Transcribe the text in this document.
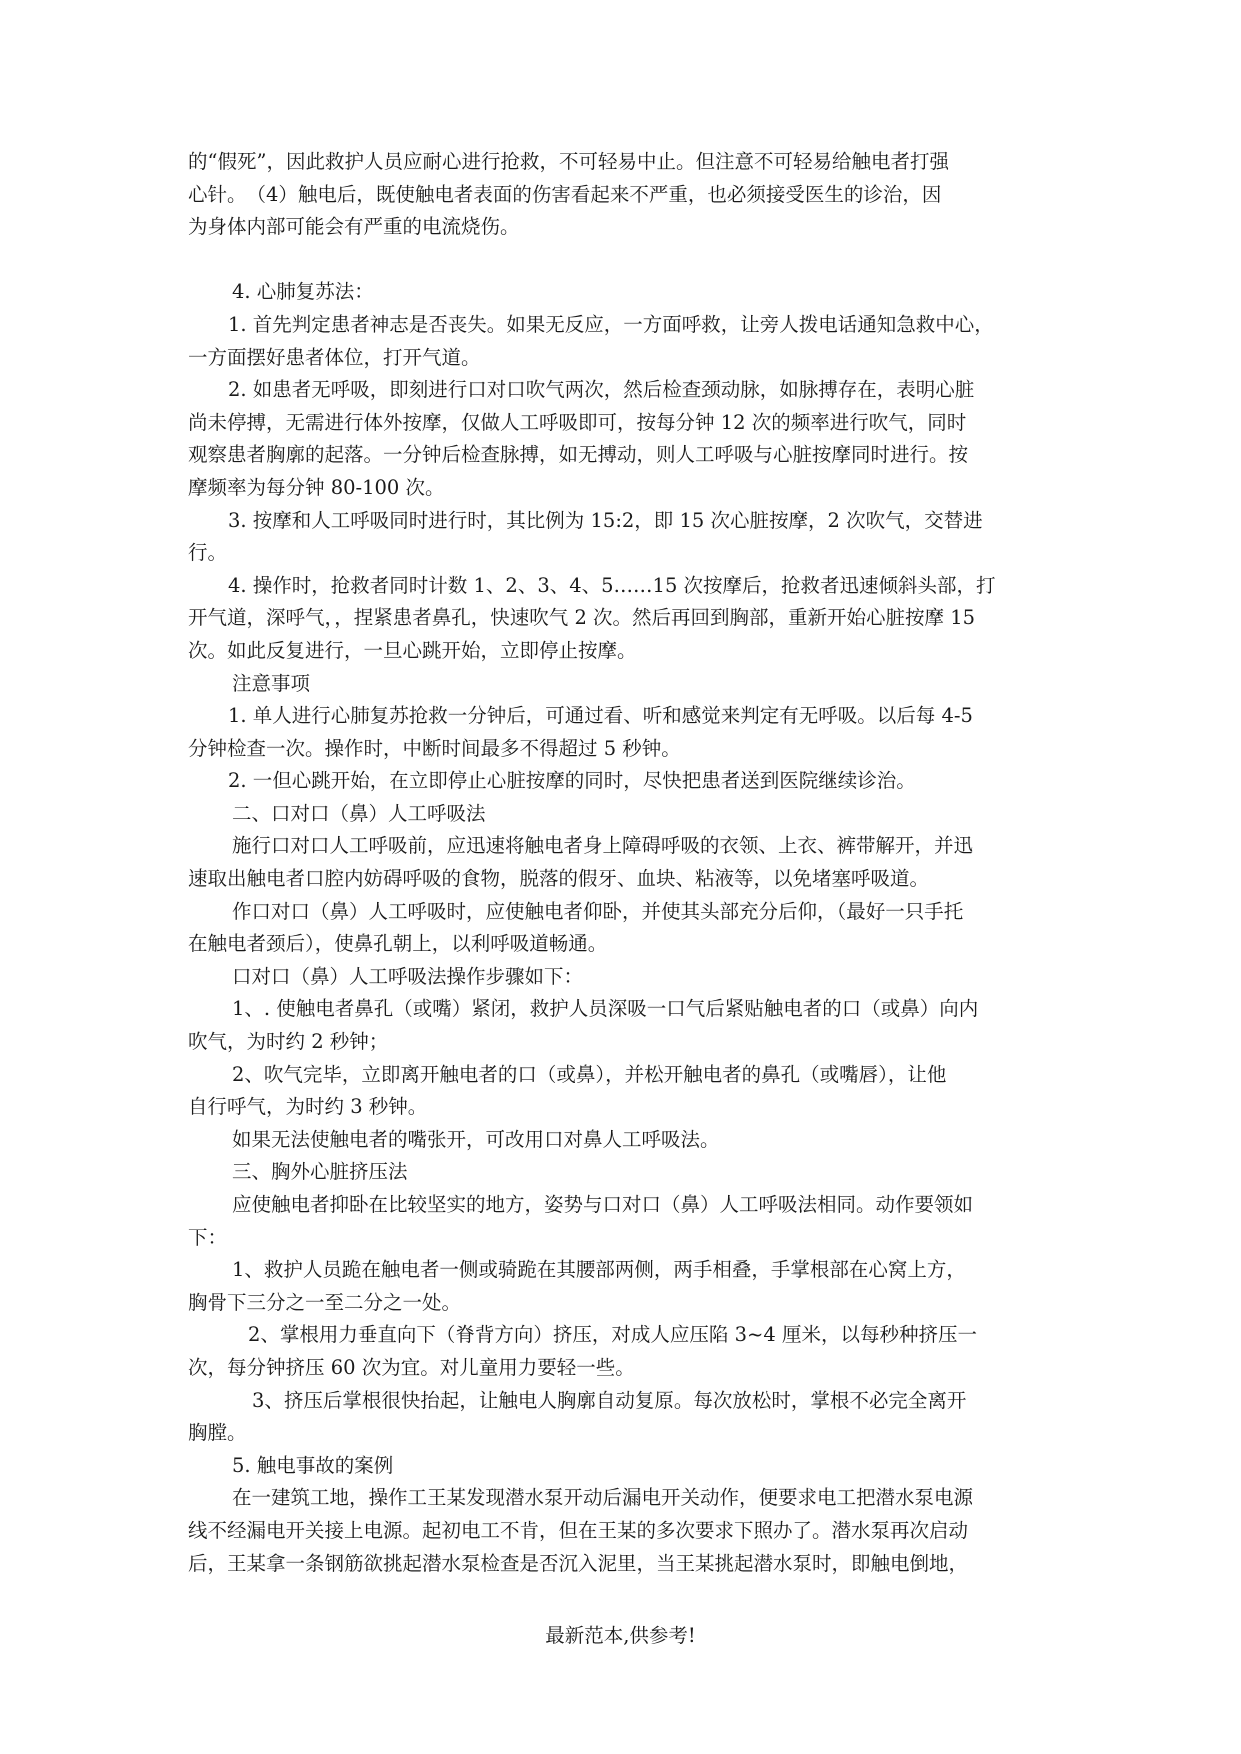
的“假死”，因此救护人员应耐心进行抢救，不可轻易中止。但注意不可轻易给触电者打强
心针。　（4）触电后，既使触电者表面的伤害看起来不严重，也必须接受医生的诊治，因
为身体内部可能会有严重的电流烧伤。
4. 心肺复苏法：
1. 首先判定患者神志是否丧失。如果无反应，一方面呼救，让旁人拨电话通知急救中心，
一方面摆好患者体位，打开气道。
2. 如患者无呼吸，即刻进行口对口吹气两次，然后检查颈动脉，如脉搏存在，表明心脏
尚未停搏，无需进行体外按摩，仅做人工呼吸即可，按每分钟 12 次的频率进行吹气，同时
观察患者胸廓的起落。一分钟后检查脉搏，如无搏动，则人工呼吸与心脏按摩同时进行。按
摩频率为每分钟 80-100 次。
3. 按摩和人工呼吸同时进行时，其比例为 15:2，即 15 次心脏按摩，2 次吹气，交替进
行。
4. 操作时，抢救者同时计数 1、2、3、4、5……15 次按摩后，抢救者迅速倾斜头部，打
开气道，深呼气，，捏紧患者鼻孔，快速吹气 2 次。然后再回到胸部，重新开始心脏按摩 15
次。如此反复进行，一旦心跳开始，立即停止按摩。
注意事项
1. 单人进行心肺复苏抢救一分钟后，可通过看、听和感觉来判定有无呼吸。以后每 4-5
分钟检查一次。操作时，中断时间最多不得超过 5 秒钟。
2. 一但心跳开始，在立即停止心脏按摩的同时，尽快把患者送到医院继续诊治。
二、口对口（鼻）人工呼吸法
施行口对口人工呼吸前，应迅速将触电者身上障碍呼吸的衣领、上衣、裤带解开，并迅
速取出触电者口腔内妨碍呼吸的食物，脱落的假牙、血块、粘液等，以免堵塞呼吸道。
作口对口（鼻）人工呼吸时，应使触电者仰卧，并使其头部充分后仰，（最好一只手托
在触电者颈后），使鼻孔朝上，以利呼吸道畅通。
口对口（鼻）人工呼吸法操作步骤如下：
1、. 使触电者鼻孔（或嘴）紧闭，救护人员深吸一口气后紧贴触电者的口（或鼻）向内
吹气，为时约 2 秒钟；
2、吹气完毕，立即离开触电者的口（或鼻），并松开触电者的鼻孔（或嘴唇），让他
自行呼气，为时约 3 秒钟。
如果无法使触电者的嘴张开，可改用口对鼻人工呼吸法。
三、胸外心脏挤压法
应使触电者抑卧在比较坚实的地方，姿势与口对口（鼻）人工呼吸法相同。动作要领如
下：
1、救护人员跪在触电者一侧或骑跪在其腰部两侧，两手相叠，手掌根部在心窝上方，
胸骨下三分之一至二分之一处。
2、掌根用力垂直向下（脊背方向）挤压，对成人应压陷 3~4 厘米，以每秒种挤压一
次，每分钟挤压 60 次为宜。对儿童用力要轻一些。
3、挤压后掌根很快抬起，让触电人胸廓自动复原。每次放松时，掌根不必完全离开
胸膛。
5. 触电事故的案例
在一建筑工地，操作工王某发现潜水泵开动后漏电开关动作，便要求电工把潜水泵电源
线不经漏电开关接上电源。起初电工不肯，但在王某的多次要求下照办了。潜水泵再次启动
后，王某拿一条钢筋欲挑起潜水泵检查是否沉入泥里，当王某挑起潜水泵时，即触电倒地，
最新范本,供参考!
